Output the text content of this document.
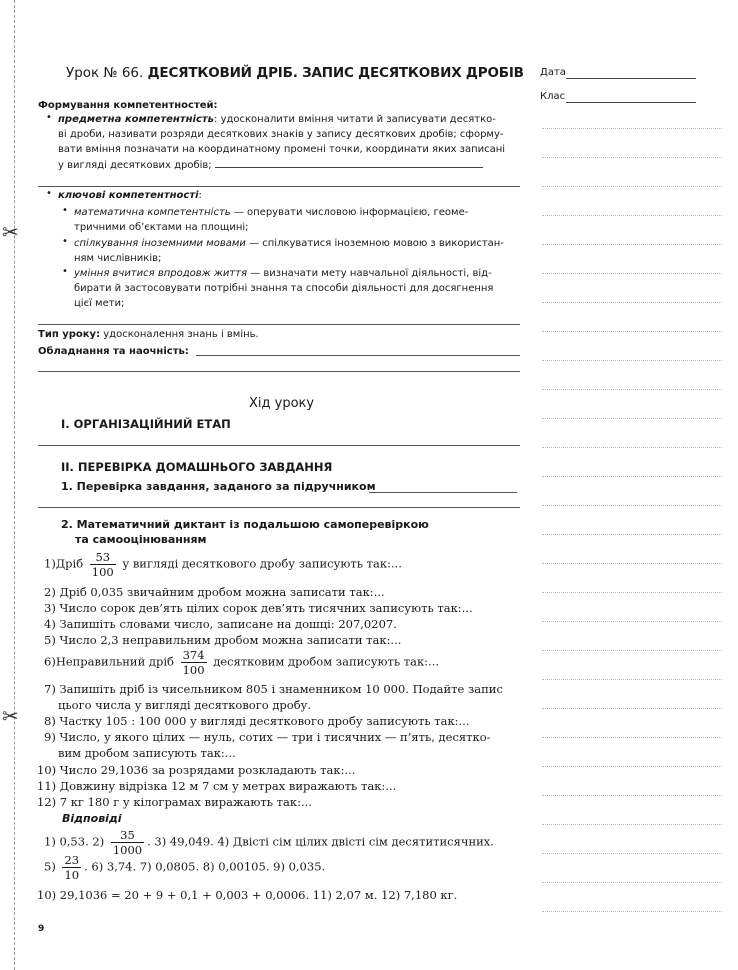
✂
✂
Урок № 66. ДЕСЯТКОВИЙ ДРІБ. ЗАПИС ДЕСЯТКОВИХ ДРОБІВ Дата
Клас
Формування компетентностей:
• предметна компетентність: удосконалити вміння читати й записувати десятко-
ві дроби, називати розряди десяткових знаків у запису десяткових дробів; сформу-
вати вміння позначати на координатному промені точки, координати яких записані
у вигляді десяткових дробів;
• ключові компетентності:
• математична компетентність — оперувати числовою інформацією, геоме-
тричними об’єктами на площині;
• спілкування іноземними мовами — спілкуватися іноземною мовою з використан-
ням числівників;
• уміння вчитися впродовж життя — визначати мету навчальної діяльності, від-
бирати й застосовувати потрібні знання та способи діяльності для досягнення
цієї мети;
Тип уроку: удосконалення знань і вмінь.
Обладнання та наочність:
Хід уроку
I. ОРГАНІЗАЦІЙНИЙ ЕТАП
II. ПЕРЕВІРКА ДОМАШНЬОГО ЗАВДАННЯ
1. Перевірка завдання, заданого за підручником
2. Математичний диктант із подальшою самоперевіркою
та самооцінюванням
1)Дріб $\frac{53}{100}$ у вигляді десяткового дробу записують так:...
2) Дріб 0,035 звичайним дробом можна записати так:...
3) Число сорок дев’ять цілих сорок дев’ять тисячних записують так:...
4) Запишіть словами число, записане на дошці: 207,0207.
5) Число 2,3 неправильним дробом можна записати так:...
6)Неправильний дріб $\frac{374}{100}$ десятковим дробом записують так:...
7) Запишіть дріб із чисельником 805 і знаменником 10 000. Подайте запис
цього числа у вигляді десяткового дробу.
8) Частку 105 : 100 000 у вигляді десяткового дробу записують так:...
9) Число, у якого цілих — нуль, сотих — три і тисячних — п’ять, десятко-
вим дробом записують так:...
10) Число 29,1036 за розрядами розкладають так:...
11) Довжину відрізка 12 м 7 см у метрах виражають так:...
12) 7 кг 180 г у кілограмах виражають так:...
Відповіді
1) 0,53. $2) \frac{35}{1000}$ . 3) 49,049. 4) Двісті сім цілих двісті сім десятитисячних.
$5) \frac{23}{10}$ . 6) 3,74. 7) 0,0805. 8) 0,00105. 9) 0,035.
10) 29,1036 = 20 + 9 + 0,1 + 0,003 + 0,0006. 11) 2,07 м. 12) 7,180 кг.
9
